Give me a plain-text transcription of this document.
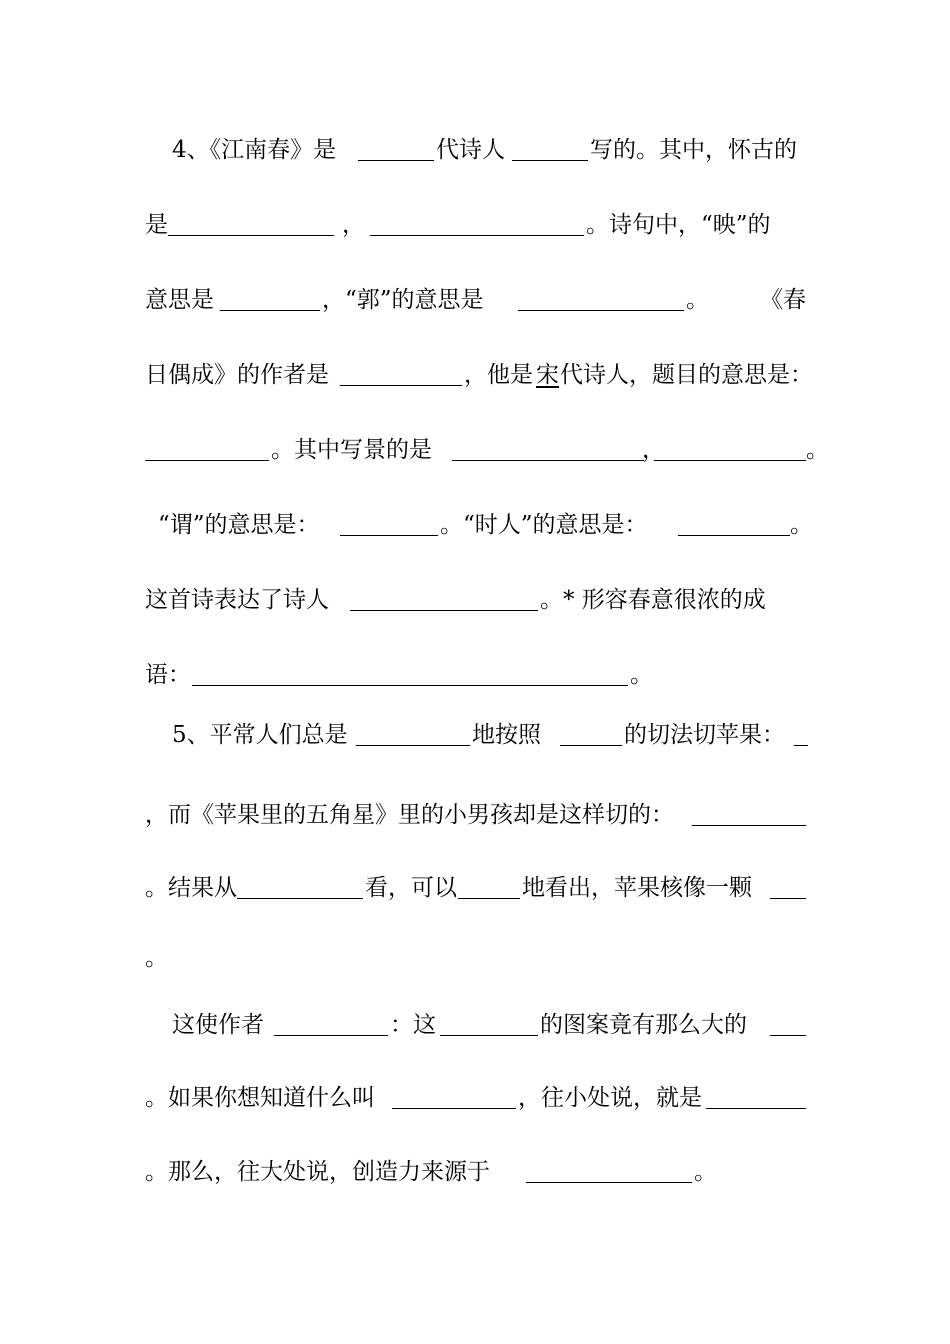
4、《江南春》是	代诗人	写的。其中，怀古的
是	，	。诗句中，“映”的
意思是	，“郭”的意思是	。 《春
日偶成》的作者是	，他是 宋 代诗人，题目的意思是：
。其中写景的是	，	。
“谓”的意思是：	。“时人”的意思是：	。
这首诗表达了诗人	。* 形容春意很浓的成
语：	。
5、平常人们总是	地按照	的切法切苹果：
，而《苹果里的五角星》里的小男孩却是这样切的：
。结果从	看，可以	地看出，苹果核像一颗
。
这使作者	：这	的图案竟有那么大的
。如果你想知道什么叫	，往小处说，就是
。那么，往大处说，创造力来源于	。
